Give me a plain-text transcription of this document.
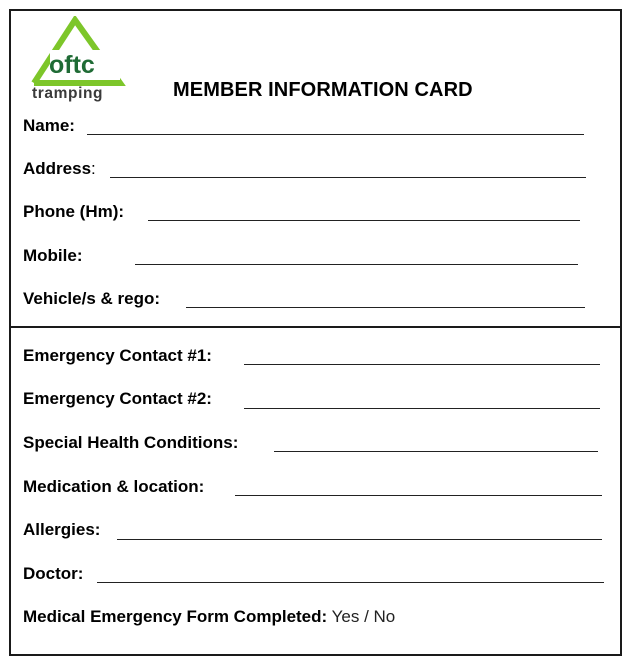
oftc
tramping	MEMBER INFORMATION CARD
Name:
Address:
Phone (Hm):
Mobile:
Vehicle/s & rego:
Emergency Contact #1:
Emergency Contact #2:
Special Health Conditions:
Medication & location:
Allergies:
Doctor:
Medical Emergency Form Completed: Yes / No
